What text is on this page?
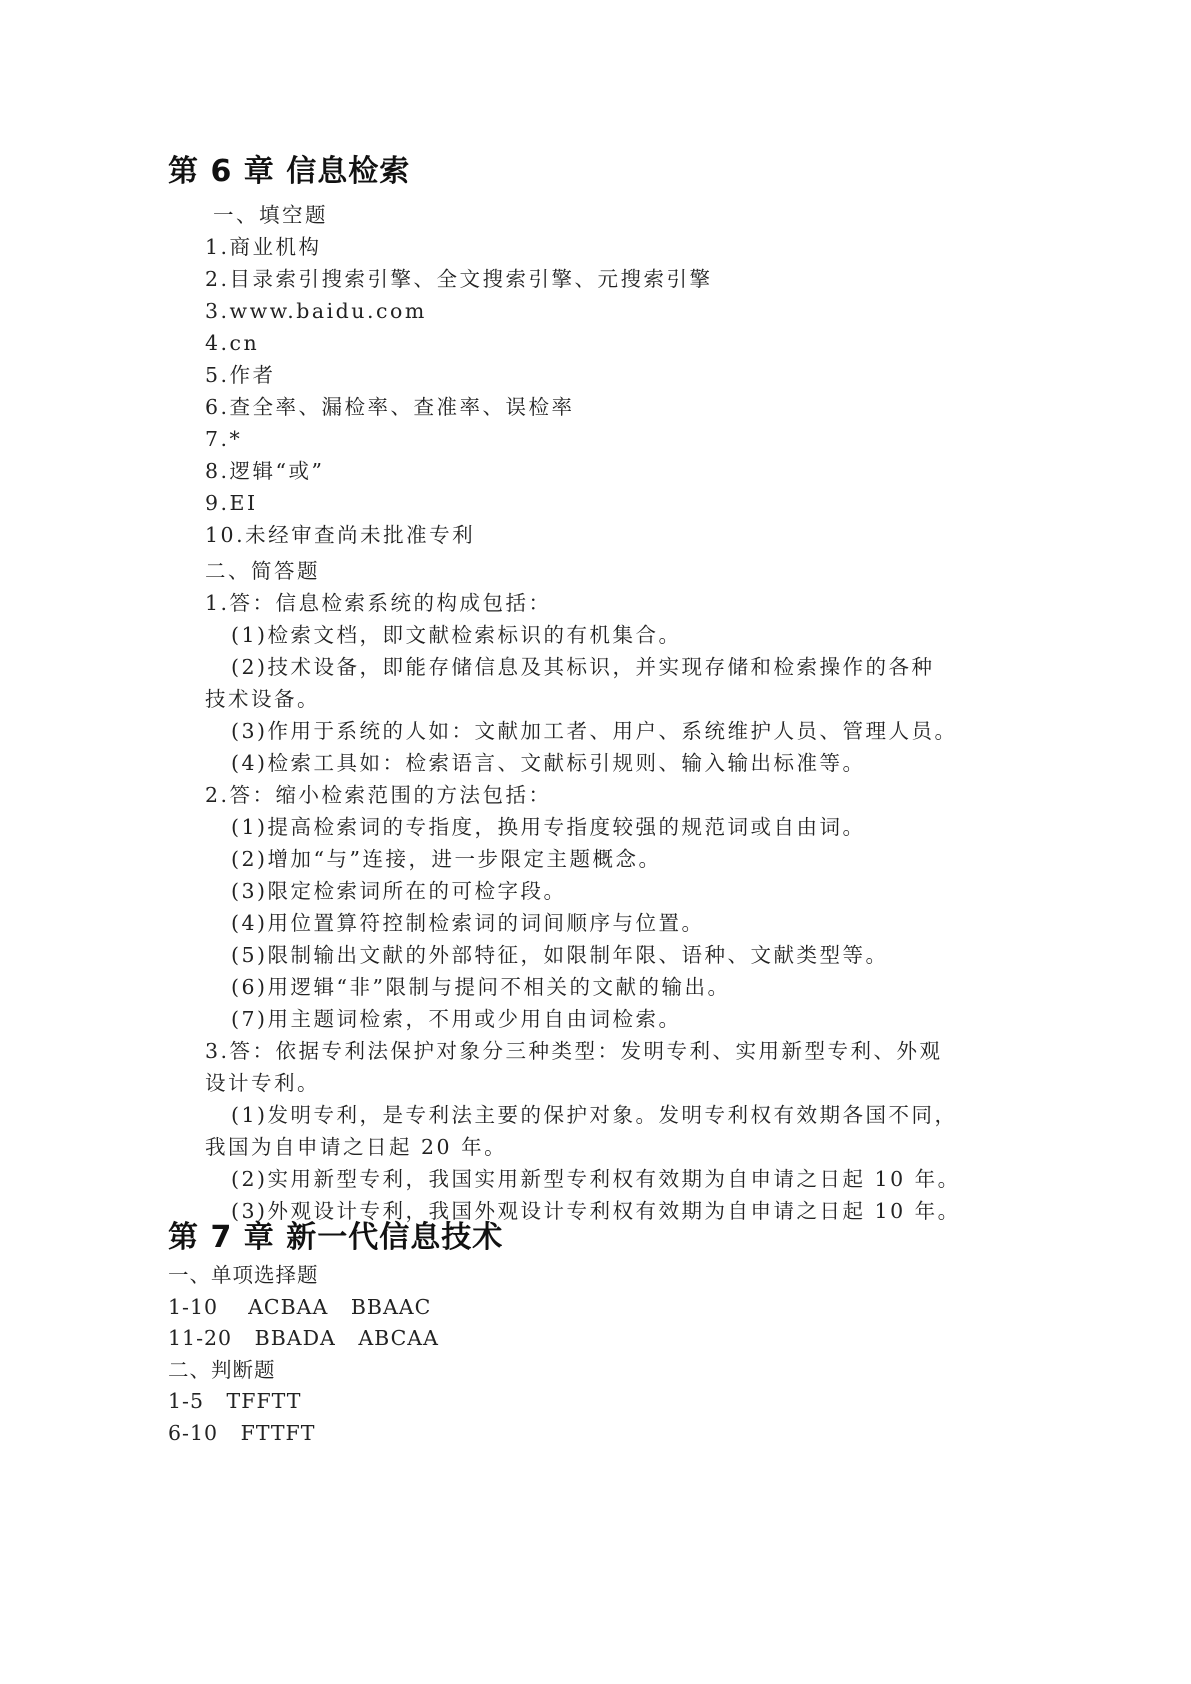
第 6 章 信息检索
一、填空题
1.商业机构
2.目录索引搜索引擎、全文搜索引擎、元搜索引擎
3.www.baidu.com
4.cn
5.作者
6.查全率、漏检率、查准率、误检率
7.*
8.逻辑“或”
9.EI
10.未经审查尚未批准专利
二、简答题
1.答：信息检索系统的构成包括：
(1)检索文档，即文献检索标识的有机集合。
(2)技术设备，即能存储信息及其标识，并实现存储和检索操作的各种
技术设备。
(3)作用于系统的人如：文献加工者、用户、系统维护人员、管理人员。
(4)检索工具如：检索语言、文献标引规则、输入输出标准等。
2.答：缩小检索范围的方法包括：
(1)提高检索词的专指度，换用专指度较强的规范词或自由词。
(2)增加“与”连接，进一步限定主题概念。
(3)限定检索词所在的可检字段。
(4)用位置算符控制检索词的词间顺序与位置。
(5)限制输出文献的外部特征，如限制年限、语种、文献类型等。
(6)用逻辑“非”限制与提问不相关的文献的输出。
(7)用主题词检索，不用或少用自由词检索。
3.答：依据专利法保护对象分三种类型：发明专利、实用新型专利、外观
设计专利。
(1)发明专利，是专利法主要的保护对象。发明专利权有效期各国不同，
我国为自申请之日起 20 年。
(2)实用新型专利，我国实用新型专利权有效期为自申请之日起 10 年。
(3)外观设计专利，我国外观设计专利权有效期为自申请之日起 10 年。
第 7 章 新一代信息技术
一、单项选择题
1-10    ACBAA   BBAAC
11-20   BBADA   ABCAA
二、判断题
1-5   TFFTT
6-10   FTTFT
